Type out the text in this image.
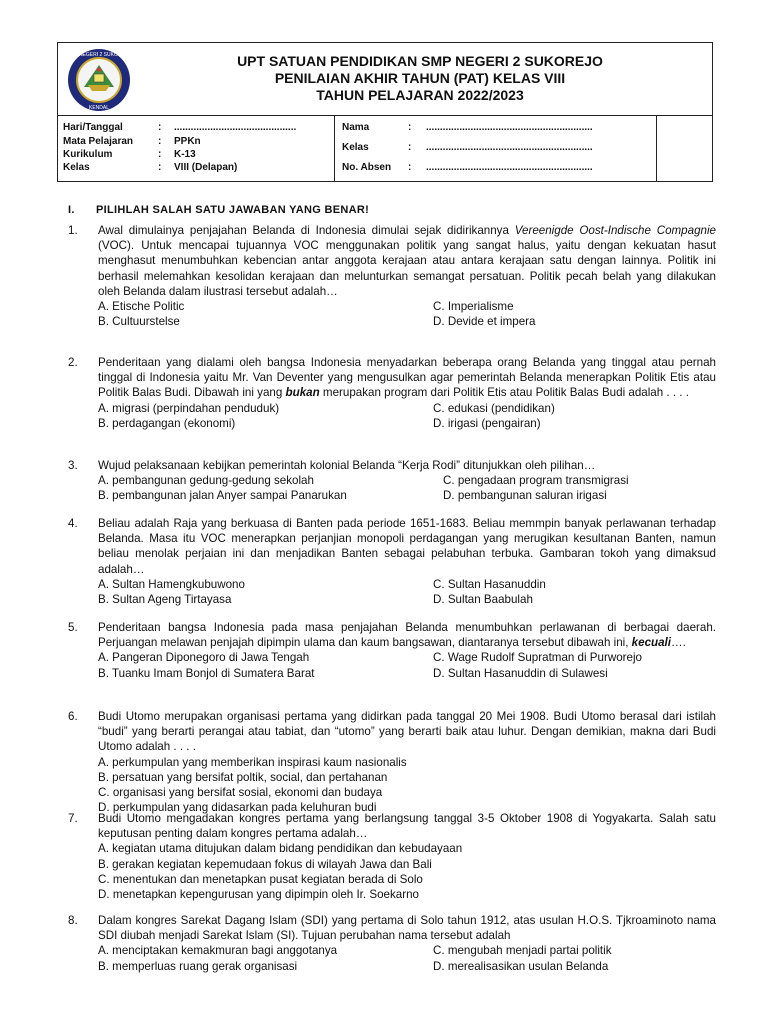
SMP NEGERI 2 SUKOREJO
KENDAL
UPT SATUAN PENDIDIKAN SMP NEGERI 2 SUKOREJO
PENILAIAN AKHIR TAHUN (PAT) KELAS VIII
TAHUN PELAJARAN 2022/2023
Hari/Tanggal	: ............................................
Mata Pelajaran : PPKn
Kurikulum	: K-13
Kelas	: VIII (Delapan)
Nama	: ............................................................
Kelas	: ............................................................
No. Absen : ............................................................
I. PILIHLAH SALAH SATU JAWABAN YANG BENAR!
1. Awal dimulainya penjajahan Belanda di Indonesia dimulai sejak didirikannya Vereenigde Oost-Indische Compagnie (VOC). Untuk mencapai tujuannya VOC menggunakan politik yang sangat halus, yaitu dengan kekuatan hasut menghasut menumbuhkan kebencian antar anggota kerajaan atau antara kerajaan satu dengan lainnya. Politik ini berhasil melemahkan kesolidan kerajaan dan melunturkan semangat persatuan. Politik pecah belah yang dilakukan oleh Belanda dalam ilustrasi tersebut adalah…
A. Etische Politic	C. Imperialisme
B. Cultuurstelse	D. Devide et impera
2. Penderitaan yang dialami oleh bangsa Indonesia menyadarkan beberapa orang Belanda yang tinggal atau pernah tinggal di Indonesia yaitu Mr. Van Deventer yang mengusulkan agar pemerintah Belanda menerapkan Politik Etis atau Politik Balas Budi. Dibawah ini yang bukan merupakan program dari Politik Etis atau Politik Balas Budi adalah . . . .
A. migrasi (perpindahan penduduk)	C. edukasi (pendidikan)
B. perdagangan (ekonomi)	D. irigasi (pengairan)
3. Wujud pelaksanaan kebijkan pemerintah kolonial Belanda “Kerja Rodi” ditunjukkan oleh pilihan…
A. pembangunan gedung-gedung sekolah	C. pengadaan program transmigrasi
B. pembangunan jalan Anyer sampai Panarukan	D. pembangunan saluran irigasi
4. Beliau adalah Raja yang berkuasa di Banten pada periode 1651-1683. Beliau memmpin banyak perlawanan terhadap Belanda. Masa itu VOC menerapkan perjanjian monopoli perdagangan yang merugikan kesultanan Banten, namun beliau menolak perjaian ini dan menjadikan Banten sebagai pelabuhan terbuka. Gambaran tokoh yang dimaksud adalah…
A. Sultan Hamengkubuwono	C. Sultan Hasanuddin
B. Sultan Ageng Tirtayasa	D. Sultan Baabulah
5. Penderitaan bangsa Indonesia pada masa penjajahan Belanda menumbuhkan perlawanan di berbagai daerah. Perjuangan melawan penjajah dipimpin ulama dan kaum bangsawan, diantaranya tersebut dibawah ini, kecuali….
A. Pangeran Diponegoro di Jawa Tengah	C. Wage Rudolf Supratman di Purworejo
B. Tuanku Imam Bonjol di Sumatera Barat	D. Sultan Hasanuddin di Sulawesi
6. Budi Utomo merupakan organisasi pertama yang didirkan pada tanggal 20 Mei 1908. Budi Utomo berasal dari istilah “budi” yang berarti perangai atau tabiat, dan “utomo” yang berarti baik atau luhur. Dengan demikian, makna dari Budi Utomo adalah . . . .
A. perkumpulan yang memberikan inspirasi kaum nasionalis
B. persatuan yang bersifat poltik, social, dan pertahanan
C. organisasi yang bersifat sosial, ekonomi dan budaya
D. perkumpulan yang didasarkan pada keluhuran budi
7. Budi Utomo mengadakan kongres pertama yang berlangsung tanggal 3-5 Oktober 1908 di Yogyakarta. Salah satu keputusan penting dalam kongres pertama adalah…
A. kegiatan utama ditujukan dalam bidang pendidikan dan kebudayaan
B. gerakan kegiatan kepemudaan fokus di wilayah Jawa dan Bali
C. menentukan dan menetapkan pusat kegiatan berada di Solo
D. menetapkan kepengurusan yang dipimpin oleh Ir. Soekarno
8. Dalam kongres Sarekat Dagang Islam (SDI) yang pertama di Solo tahun 1912, atas usulan H.O.S. Tjkroaminoto nama SDI diubah menjadi Sarekat Islam (SI). Tujuan perubahan nama tersebut adalah
A. menciptakan kemakmuran bagi anggotanya	C. mengubah menjadi partai politik
B. memperluas ruang gerak organisasi	D. merealisasikan usulan Belanda
